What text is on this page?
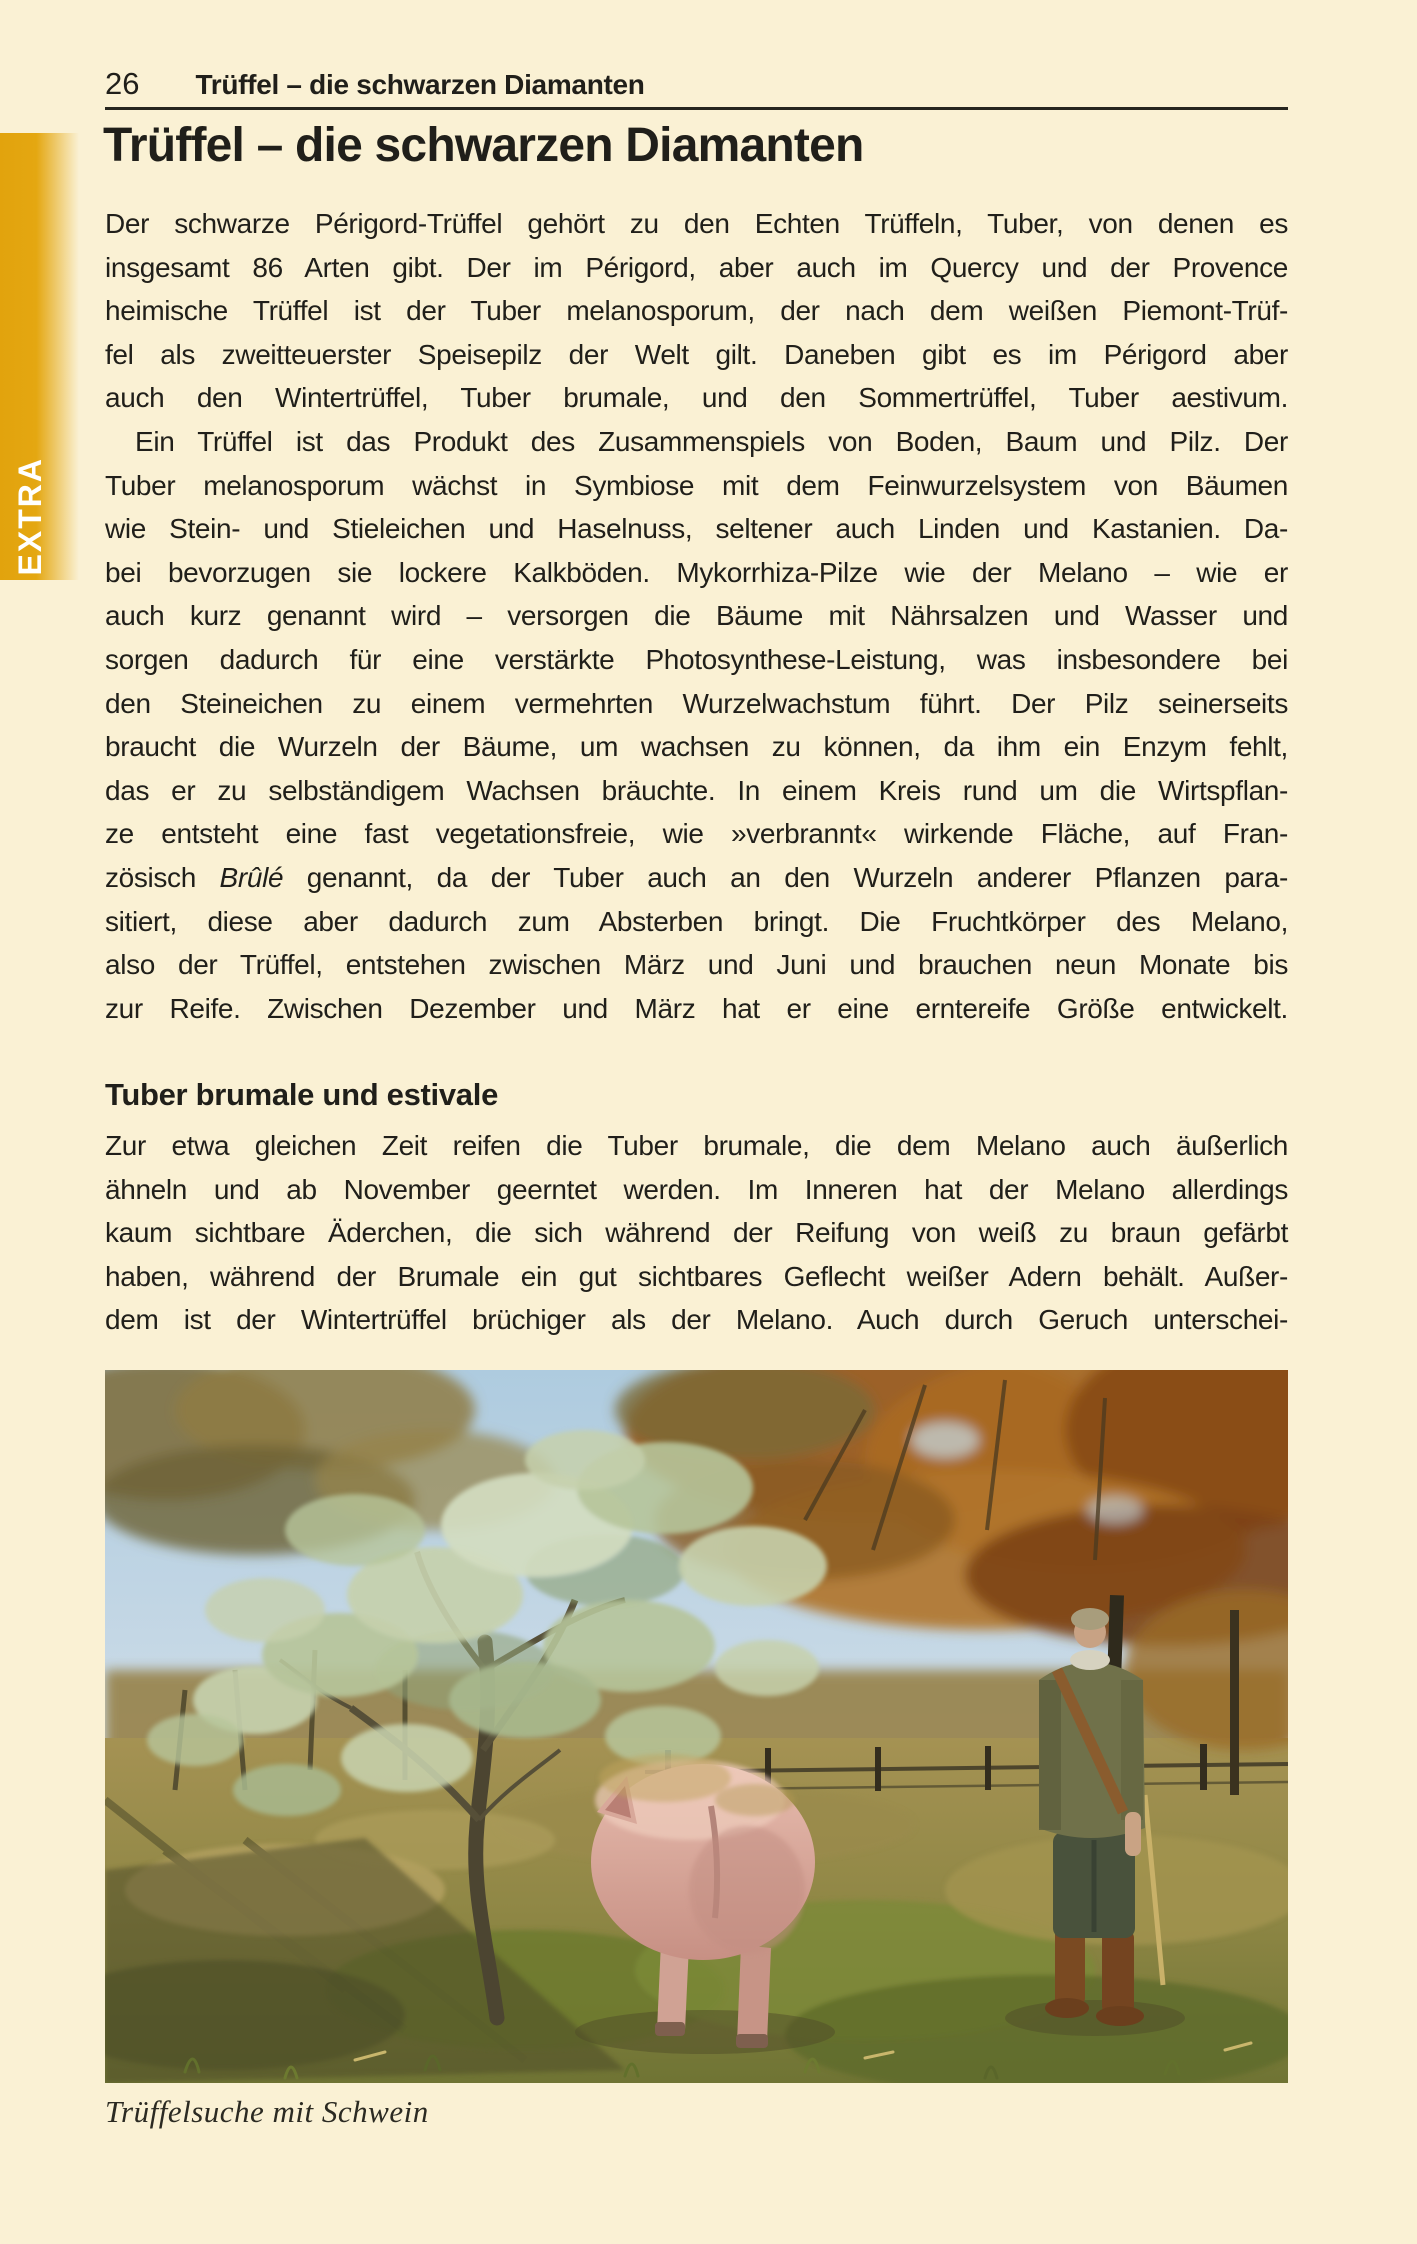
EXTRA
26 Trüffel – die schwarzen Diamanten
Trüffel – die schwarzen Diamanten
Der schwarze Périgord-Trüffel gehört zu den Echten Trüffeln, Tuber, von denen es
insgesamt 86 Arten gibt. Der im Périgord, aber auch im Quercy und der Provence
heimische Trüffel ist der Tuber melanosporum, der nach dem weißen Piemont-Trüf-
fel als zweitteuerster Speisepilz der Welt gilt. Daneben gibt es im Périgord aber
auch den Wintertrüffel, Tuber brumale, und den Sommertrüffel, Tuber aestivum.
Ein Trüffel ist das Produkt des Zusammenspiels von Boden, Baum und Pilz. Der
Tuber melanosporum wächst in Symbiose mit dem Feinwurzelsystem von Bäumen
wie Stein- und Stieleichen und Haselnuss, seltener auch Linden und Kastanien. Da-
bei bevorzugen sie lockere Kalkböden. Mykorrhiza-Pilze wie der Melano – wie er
auch kurz genannt wird – versorgen die Bäume mit Nährsalzen und Wasser und
sorgen dadurch für eine verstärkte Photosynthese-Leistung, was insbesondere bei
den Steineichen zu einem vermehrten Wurzelwachstum führt. Der Pilz seinerseits
braucht die Wurzeln der Bäume, um wachsen zu können, da ihm ein Enzym fehlt,
das er zu selbständigem Wachsen bräuchte. In einem Kreis rund um die Wirtspflan-
ze entsteht eine fast vegetationsfreie, wie »verbrannt« wirkende Fläche, auf Fran-
zösisch Brûlé genannt, da der Tuber auch an den Wurzeln anderer Pflanzen para-
sitiert, diese aber dadurch zum Absterben bringt. Die Fruchtkörper des Melano,
also der Trüffel, entstehen zwischen März und Juni und brauchen neun Monate bis
zur Reife. Zwischen Dezember und März hat er eine erntereife Größe entwickelt.
Tuber brumale und estivale
Zur etwa gleichen Zeit reifen die Tuber brumale, die dem Melano auch äußerlich
ähneln und ab November geerntet werden. Im Inneren hat der Melano allerdings
kaum sichtbare Äderchen, die sich während der Reifung von weiß zu braun gefärbt
haben, während der Brumale ein gut sichtbares Geflecht weißer Adern behält. Außer-
dem ist der Wintertrüffel brüchiger als der Melano. Auch durch Geruch unterschei-
Trüffelsuche mit Schwein
